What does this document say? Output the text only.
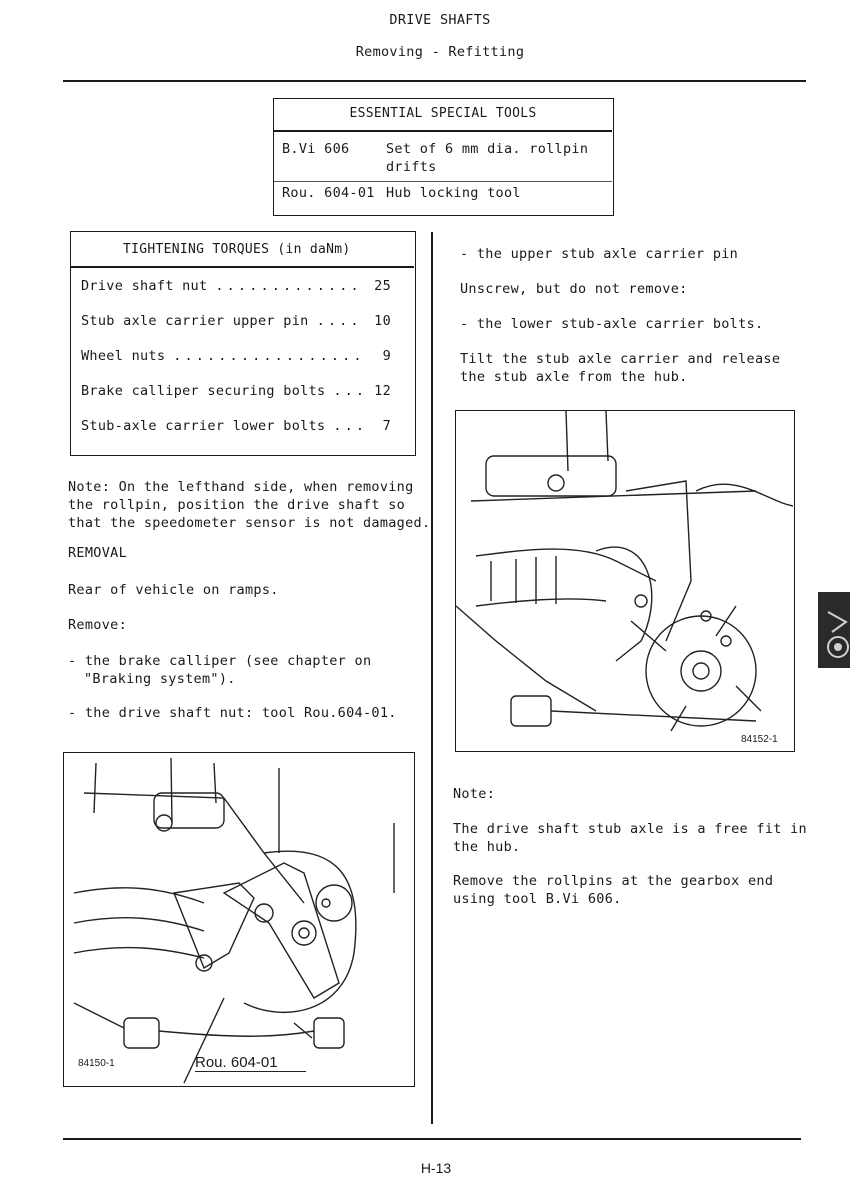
DRIVE SHAFTS
Removing - Refitting
ESSENTIAL SPECIAL TOOLS
B.Vi 606	Set of 6 mm dia. rollpin
drifts
Rou. 604-01 Hub locking tool
TIGHTENING TORQUES (in daNm)
Drive shaft nut . . .	25
Stub axle carrier upper pin . . .	10
Wheel nuts . . .	9
Brake calliper securing bolts . . .	12
Stub-axle carrier lower bolts . . .	7

Note: On the lefthand side, when removing

the rollpin, position the drive shaft so

that the speedometer sensor is not damaged.

REMOVAL
Rear of vehicle on ramps.
Remove:

- the brake calliper (see chapter on

"Braking system").

- the drive shaft nut: tool Rou.604-01.
- the upper stub axle carrier pin
Unscrew, but do not remove:
- the lower stub-axle carrier bolts.

Tilt the stub axle carrier and release

the stub axle from the hub.

84152-1
Note:

The drive shaft stub axle is a free fit in

the hub.

Remove the rollpins at the gearbox end

using tool B.Vi 606.

84150-1	Rou. 604-01
H-13
